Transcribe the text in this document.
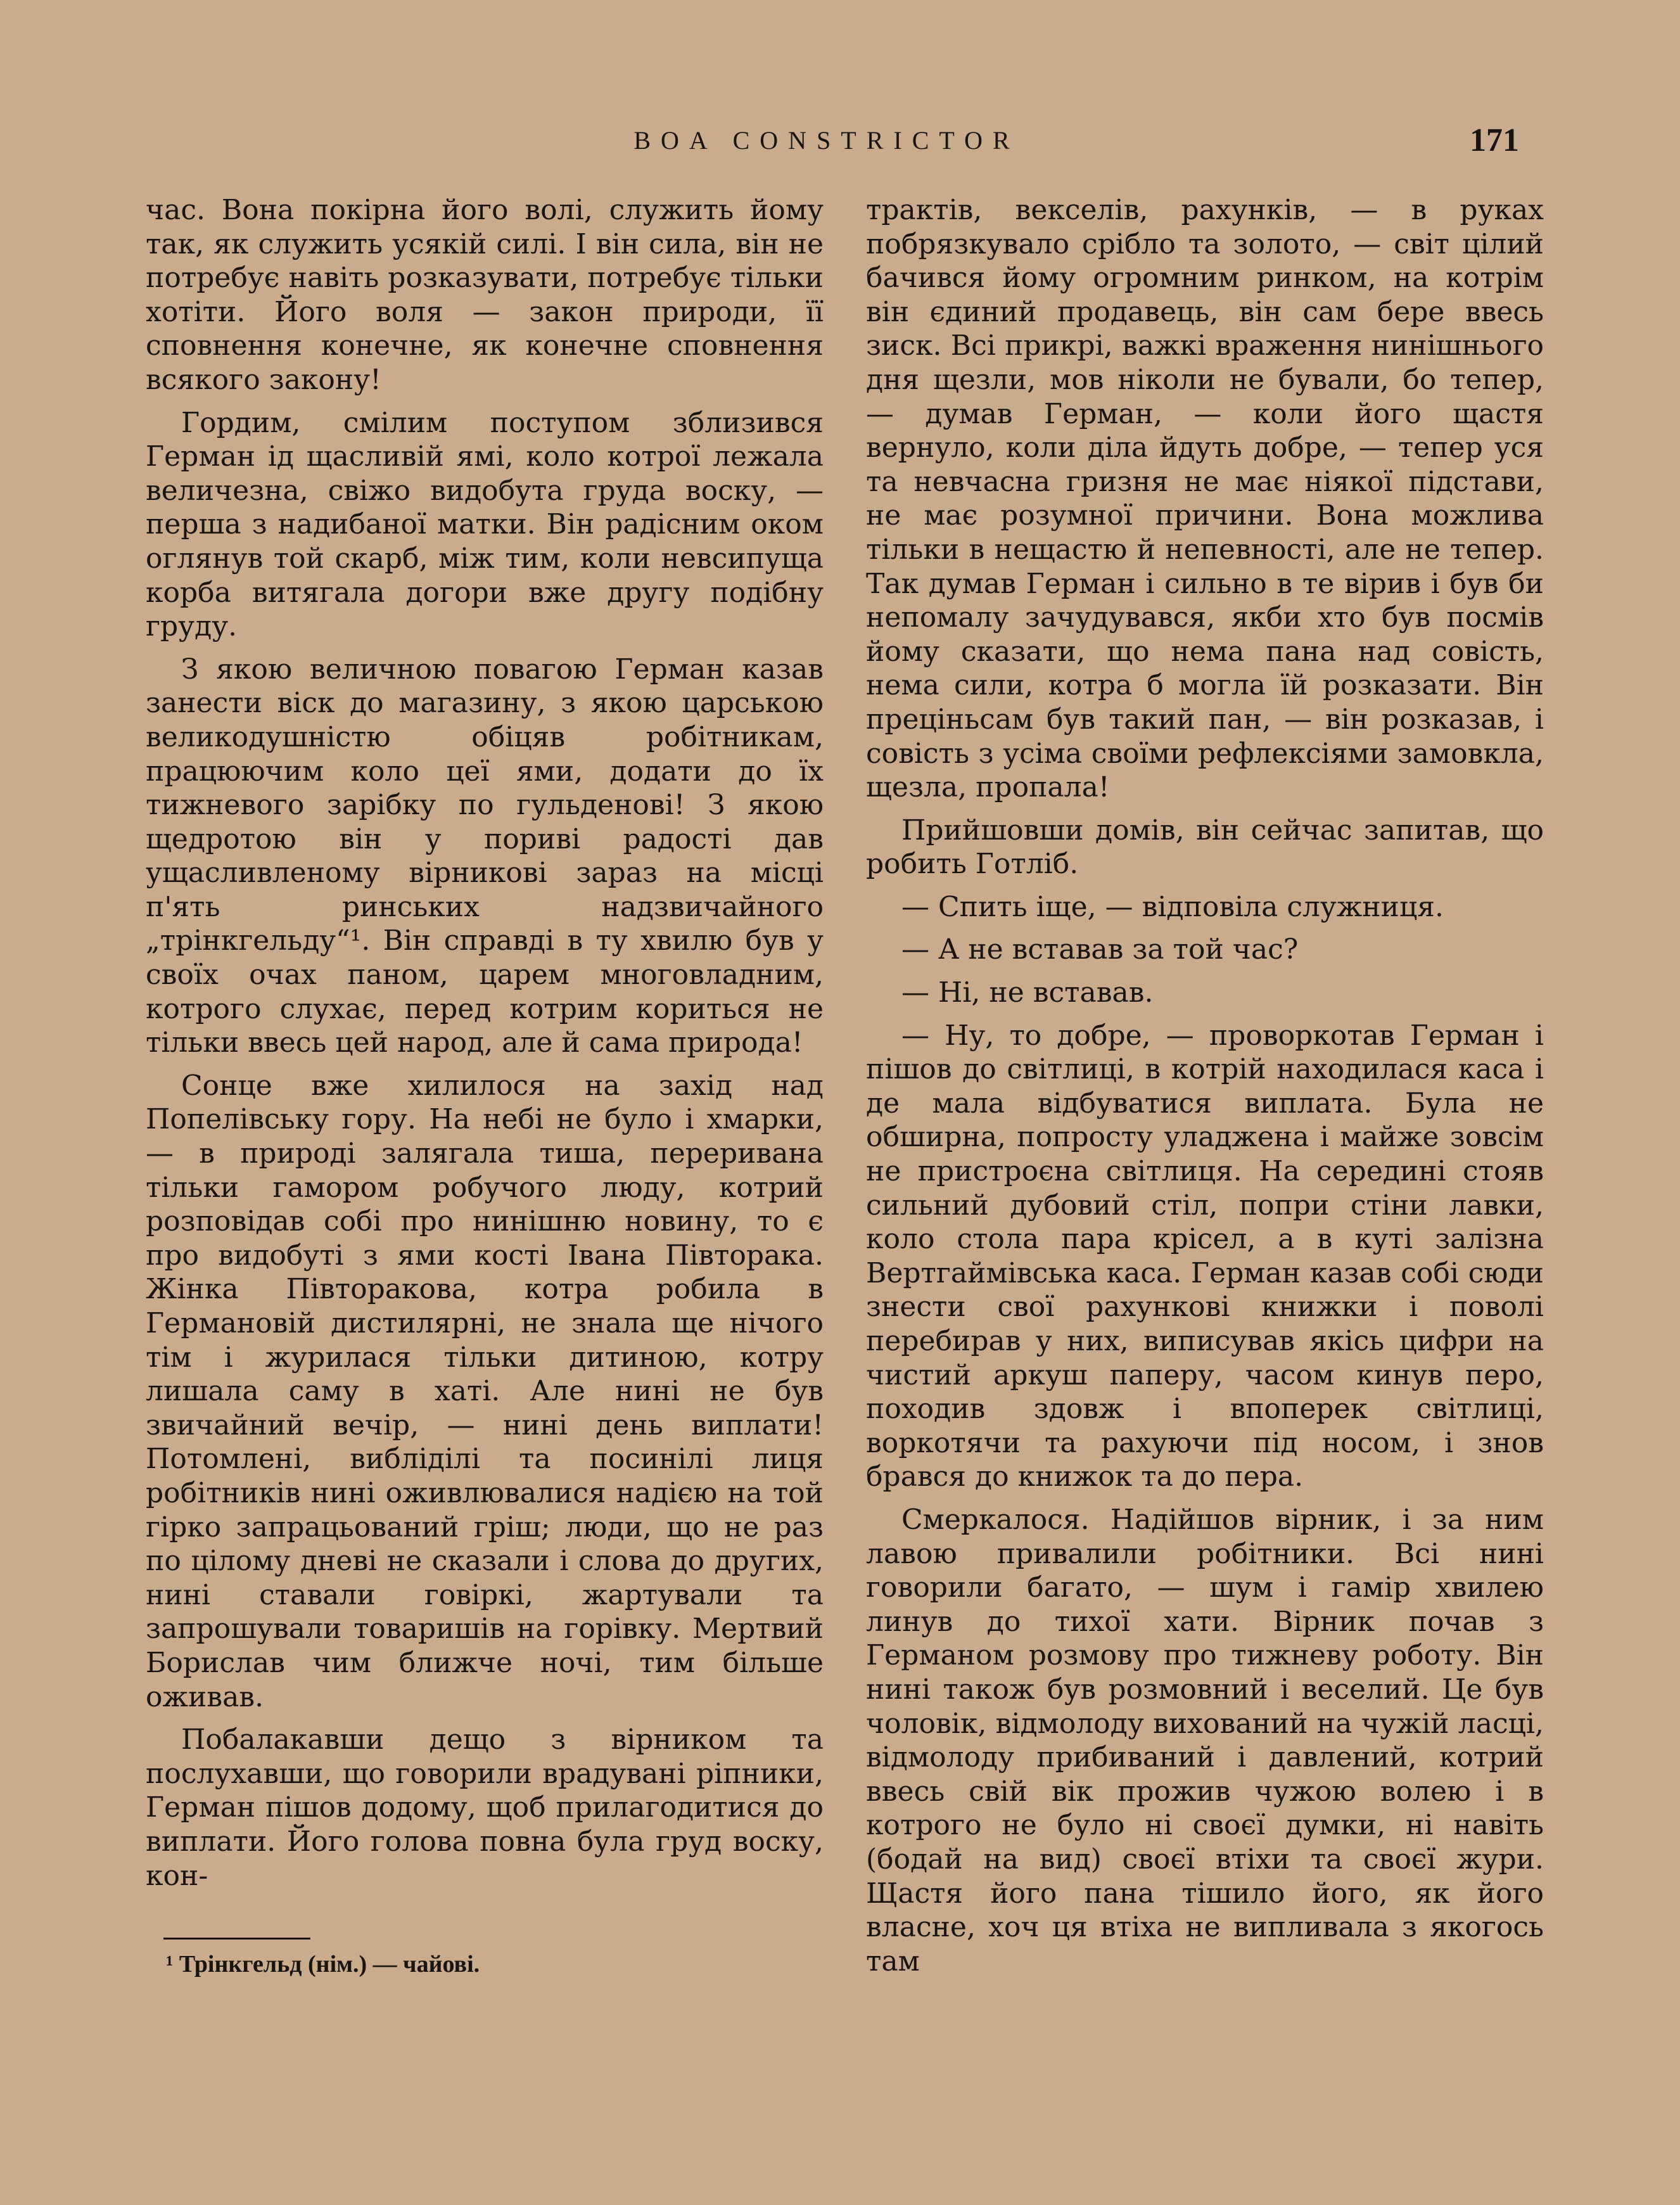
BOA CONSTRICTOR	171

час. Вона покірна його волі, служить йому так, як служить усякій силі. І він сила, він не потребує навіть розказувати, потребує тільки хотіти. Його воля — закон природи, її сповнення конечне, як конечне сповнення всякого закону!

Гордим, смілим поступом зблизився Герман ід щасливій ямі, коло котрої лежала величезна, свіжо видобута груда воску, — перша з надибаної матки. Він радісним оком оглянув той скарб, між тим, коли невсипуща корба витягала догори вже другу подібну груду.

З якою величною повагою Герман казав занести віск до магазину, з якою царською великодушністю обіцяв робітникам, працюючим коло цеї ями, додати до їх тижневого зарібку по гульденові! З якою щедротою він у пориві радості дав ущасливленому вірникові зараз на місці п'ять ринських надзвичайного „трінкгельду“¹. Він справді в ту хвилю був у своїх очах паном, царем многовладним, котрого слухає, перед котрим кориться не тільки ввесь цей народ, але й сама природа!

Сонце вже хилилося на захід над Попелівську гору. На небі не було і хмарки, — в природі залягала тиша, переривана тільки гамором робучого люду, котрий розповідав собі про нинішню новину, то є про видобуті з ями кості Івана Півторака. Жінка Півторакова, котра робила в Германовій дистилярні, не знала ще нічого тім і журилася тільки дитиною, котру лишала саму в хаті. Але нині не був звичайний вечір, — нині день виплати! Потомлені, вибліділі та посинілі лиця робітників нині оживлювалися надією на той гірко запрацьований гріш; люди, що не раз по цілому дневі не сказали і слова до других, нині ставали говіркі, жартували та запрошували товаришів на горівку. Мертвий Борислав чим ближче ночі, тим більше оживав.

Побалакавши дещо з вірником та послухавши, що говорили врадувані ріпники, Герман пішов додому, щоб прилагодитися до виплати. Його голова повна була груд воску, кон-

трактів, векселів, рахунків, — в руках побрязкувало срібло та золото, — світ цілий бачився йому огромним ринком, на котрім він єдиний продавець, він сам бере ввесь зиск. Всі прикрі, важкі враження нинішнього дня щезли, мов ніколи не бували, бо тепер, — думав Герман, — коли його щастя вернуло, коли діла йдуть добре, — тепер уся та невчасна гризня не має ніякої підстави, не має розумної причини. Вона можлива тільки в нещастю й непевності, але не тепер. Так думав Герман і сильно в те вірив і був би непомалу зачудувався, якби хто був посмів йому сказати, що нема пана над совість, нема сили, котра б могла їй розказати. Він преціньсам був такий пан, — він розказав, і совість з усіма своїми рефлексіями замовкла, щезла, пропала!

Прийшовши домів, він сейчас запитав, що робить Готліб.

— Спить іще, — відповіла служниця.

— А не вставав за той час?

— Ні, не вставав.

— Ну, то добре, — проворкотав Герман і пішов до світлиці, в котрій находилася каса і де мала відбуватися виплата. Була не обширна, попросту уладжена і майже зовсім не пристроєна світлиця. На середині стояв сильний дубовий стіл, попри стіни лавки, коло стола пара крісел, а в куті залізна Вертгаймівська каса. Герман казав собі сюди знести свої рахункові книжки і поволі перебирав у них, виписував якісь цифри на чистий аркуш паперу, часом кинув перо, походив здовж і впоперек світлиці, воркотячи та рахуючи під носом, і знов брався до книжок та до пера.

Смеркалося. Надійшов вірник, і за ним лавою привалили робітники. Всі нині говорили багато, — шум і гамір хвилею линув до тихої хати. Вірник почав з Германом розмову про тижневу роботу. Він нині також був розмовний і веселий. Це був чоловік, відмолоду вихований на чужій ласці, відмолоду прибиваний і давлений, котрий ввесь свій вік прожив чужою волею і в котрого не було ні своєї думки, ні навіть (бодай на вид) своєї втіхи та своєї жури. Щастя його пана тішило його, як його власне, хоч ця втіха не випливала з якогось там

¹ Трінкгельд (нім.) — чайові.
